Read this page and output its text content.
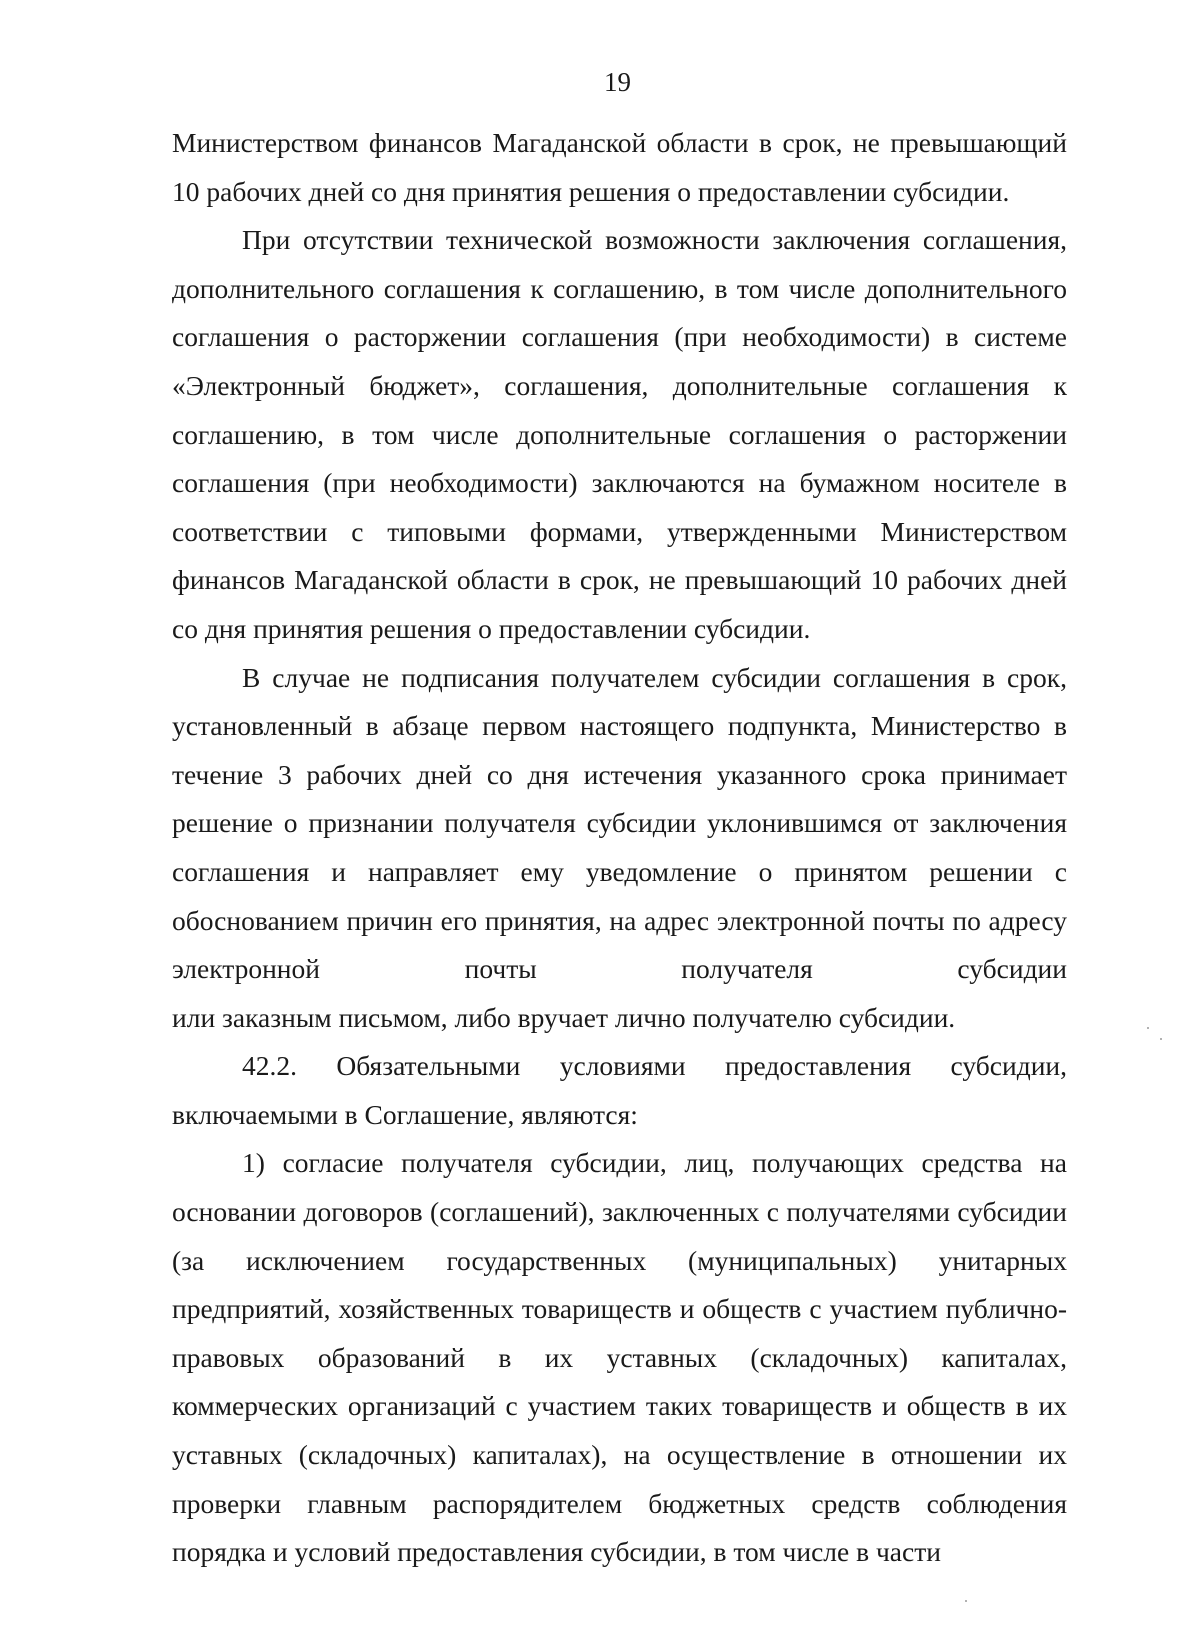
19

Министерством финансов Магаданской области в срок, не превышающий 10 рабочих дней со дня принятия решения о предоставлении субсидии.

При отсутствии технической возможности заключения соглашения, дополнительного соглашения к соглашению, в том числе дополнительного соглашения о расторжении соглашения (при необходимости) в системе «Электронный бюджет», соглашения, дополнительные соглашения к соглашению, в том числе дополнительные соглашения о расторжении соглашения (при необходимости) заключаются на бумажном носителе в соответствии с типовыми формами, утвержденными Министерством финансов Магаданской области в срок, не превышающий 10 рабочих дней со дня принятия решения о предоставлении субсидии.

В случае не подписания получателем субсидии соглашения в срок, установленный в абзаце первом настоящего подпункта, Министерство в течение 3 рабочих дней со дня истечения указанного срока принимает решение о признании получателя субсидии уклонившимся от заключения соглашения и направляет ему уведомление о принятом решении с обоснованием причин его принятия, на адрес электронной почты по адресу электронной почты получателя субсидии

или заказным письмом, либо вручает лично получателю субсидии.

42.2. Обязательными условиями предоставления субсидии, включаемыми в Соглашение, являются:

1) согласие получателя субсидии, лиц, получающих средства на основании договоров (соглашений), заключенных с получателями субсидии (за исключением государственных (муниципальных) унитарных предприятий, хозяйственных товариществ и обществ с участием публично-правовых образований в их уставных (складочных) капиталах, коммерческих организаций с участием таких товариществ и обществ в их уставных (складочных) капиталах), на осуществление в отношении их проверки главным распорядителем бюджетных средств соблюдения порядка и условий предоставления субсидии, в том числе в части
